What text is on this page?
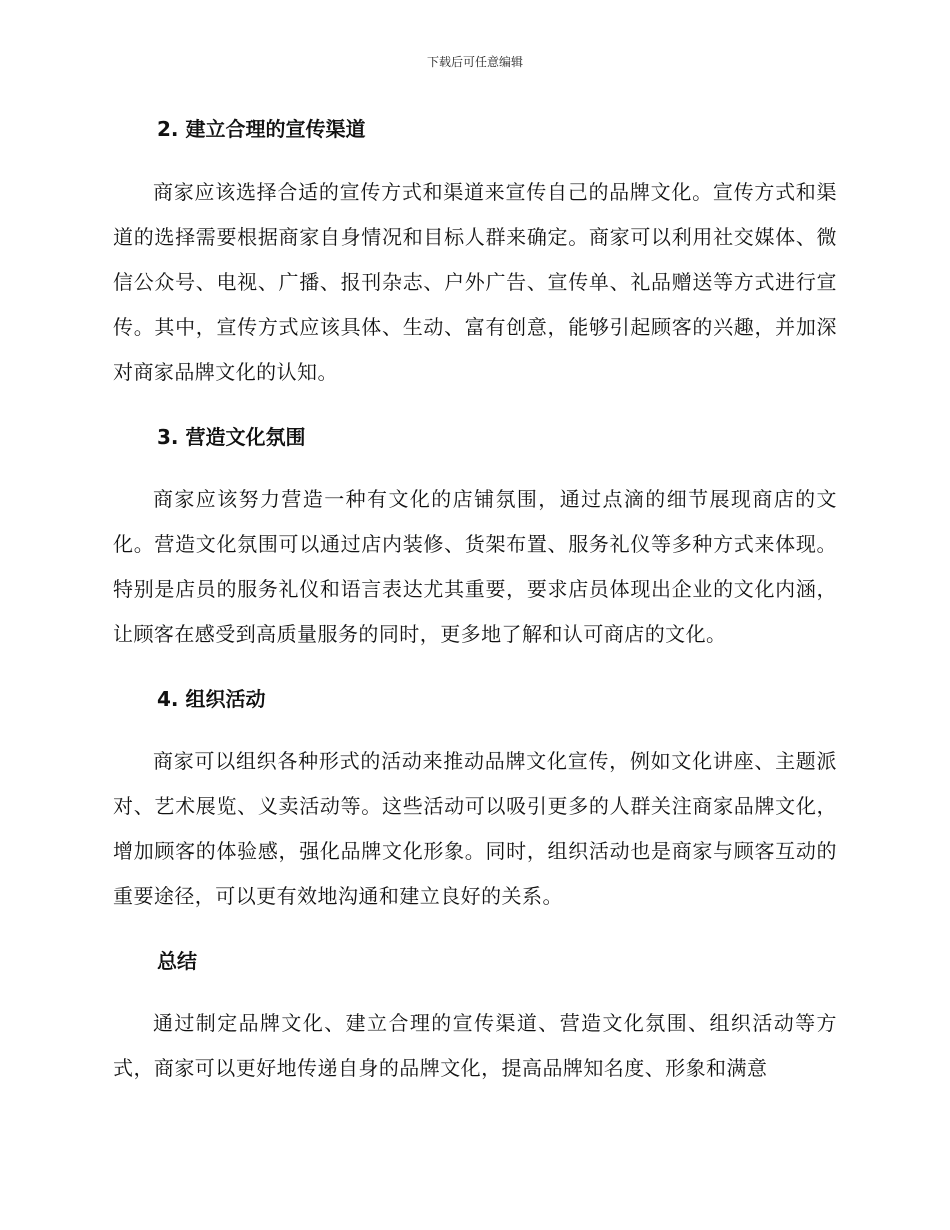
下载后可任意编辑
2. 建立合理的宣传渠道

商家应该选择合适的宣传方式和渠道来宣传自己的品牌文化。宣传方式和渠道的选择需要根据商家自身情况和目标人群来确定。商家可以利用社交媒体、微信公众号、电视、广播、报刊杂志、户外广告、宣传单、礼品赠送等方式进行宣传。其中，宣传方式应该具体、生动、富有创意，能够引起顾客的兴趣，并加深对商家品牌文化的认知。

3. 营造文化氛围

商家应该努力营造一种有文化的店铺氛围，通过点滴的细节展现商店的文化。营造文化氛围可以通过店内装修、货架布置、服务礼仪等多种方式来体现。特别是店员的服务礼仪和语言表达尤其重要，要求店员体现出企业的文化内涵，让顾客在感受到高质量服务的同时，更多地了解和认可商店的文化。

4. 组织活动

商家可以组织各种形式的活动来推动品牌文化宣传，例如文化讲座、主题派对、艺术展览、义卖活动等。这些活动可以吸引更多的人群关注商家品牌文化，增加顾客的体验感，强化品牌文化形象。同时，组织活动也是商家与顾客互动的重要途径，可以更有效地沟通和建立良好的关系。

总结

通过制定品牌文化、建立合理的宣传渠道、营造文化氛围、组织活动等方式，商家可以更好地传递自身的品牌文化，提高品牌知名度、形象和满意
